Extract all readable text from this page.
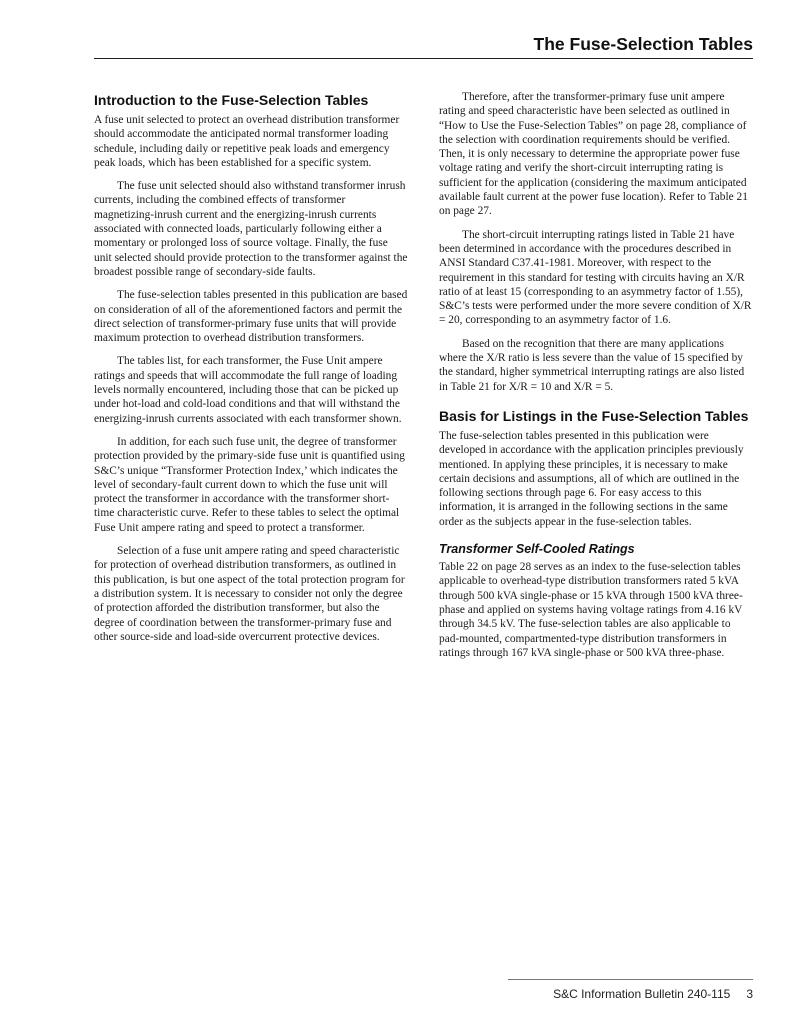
The Fuse-Selection Tables
Introduction to the Fuse-Selection Tables

A fuse unit selected to protect an overhead distribution transformer should accommodate the anticipated normal transformer loading schedule, including daily or repetitive peak loads and emergency peak loads, which has been established for a specific system.

The fuse unit selected should also withstand transformer inrush currents, including the combined effects of transformer magnetizing-inrush current and the energizing-inrush currents associated with connected loads, particularly following either a momentary or prolonged loss of source voltage. Finally, the fuse unit selected should provide protection to the transformer against the broadest possible range of secondary-side faults.

The fuse-selection tables presented in this publication are based on consideration of all of the aforementioned factors and permit the direct selection of transformer-primary fuse units that will provide maximum protection to overhead distribution transformers.

The tables list, for each transformer, the Fuse Unit ampere ratings and speeds that will accommodate the full range of loading levels normally encountered, including those that can be picked up under hot-load and cold-load conditions and that will withstand the energizing-inrush currents associated with each transformer shown.

In addition, for each such fuse unit, the degree of transformer protection provided by the primary-side fuse unit is quantified using S&C’s unique “Transformer Protection Index,’ which indicates the level of secondary-fault current down to which the fuse unit will protect the transformer in accordance with the transformer short-time characteristic curve. Refer to these tables to select the optimal Fuse Unit ampere rating and speed to protect a transformer.

Selection of a fuse unit ampere rating and speed characteristic for protection of overhead distribution transformers, as outlined in this publication, is but one aspect of the total protection program for a distribution system. It is necessary to consider not only the degree of protection afforded the distribution transformer, but also the degree of coordination between the transformer-primary fuse and other source-side and load-side overcurrent protective devices.

Therefore, after the transformer-primary fuse unit ampere rating and speed characteristic have been selected as outlined in “How to Use the Fuse-Selection Tables” on page 28, compliance of the selection with coordination requirements should be verified. Then, it is only necessary to determine the appropriate power fuse voltage rating and verify the short-circuit interrupting rating is sufficient for the application (considering the maximum anticipated available fault current at the power fuse location). Refer to Table 21 on page 27.

The short-circuit interrupting ratings listed in Table 21 have been determined in accordance with the procedures described in ANSI Standard C37.41-1981. Moreover, with respect to the requirement in this standard for testing with circuits having an X/R ratio of at least 15 (corresponding to an asymmetry factor of 1.55), S&C’s tests were performed under the more severe condition of X/R = 20, corresponding to an asymmetry factor of 1.6.

Based on the recognition that there are many applications where the X/R ratio is less severe than the value of 15 specified by the standard, higher symmetrical interrupting ratings are also listed in Table 21 for X/R = 10 and X/R = 5.

Basis for Listings in the Fuse-Selection Tables

The fuse-selection tables presented in this publication were developed in accordance with the application principles previously mentioned. In applying these principles, it is necessary to make certain decisions and assumptions, all of which are outlined in the following sections through page 6. For easy access to this information, it is arranged in the following sections in the same order as the subjects appear in the fuse-selection tables.

Transformer Self-Cooled Ratings

Table 22 on page 28 serves as an index to the fuse-selection tables applicable to overhead-type distribution transformers rated 5 kVA through 500 kVA single-phase or 15 kVA through 1500 kVA three-phase and applied on systems having voltage ratings from 4.16 kV through 34.5 kV. The fuse-selection tables are also applicable to pad-mounted, compartmented-type distribution transformers in ratings through 167 kVA single-phase or 500 kVA three-phase.

S&C Information Bulletin 240-115 3
